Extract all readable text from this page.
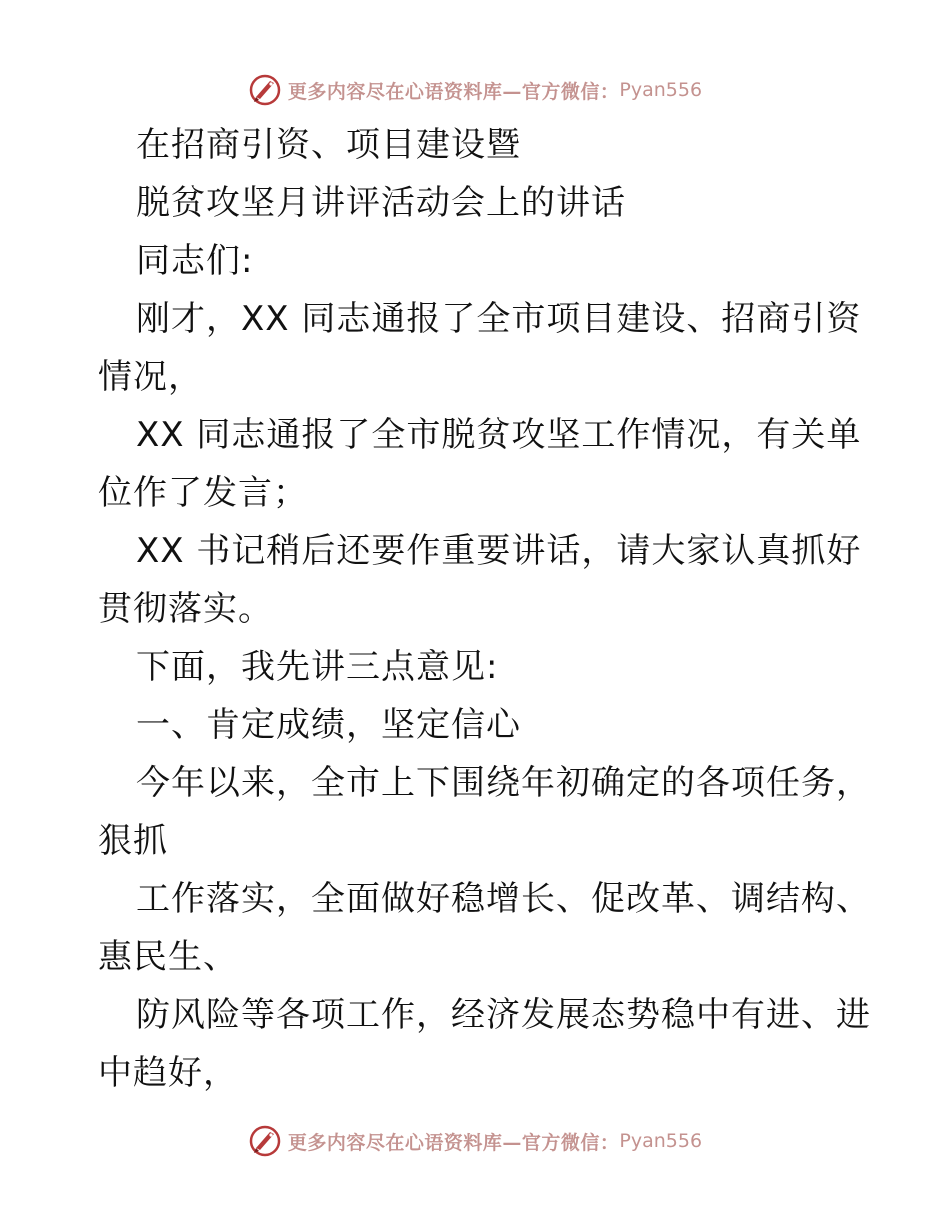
更多内容尽在心语资料库—官方微信： Pyan556
在招商引资、项目建设暨
脱贫攻坚月讲评活动会上的讲话
同志们:
刚才，XX 同志通报了全市项目建设、招商引资
情况，
XX 同志通报了全市脱贫攻坚工作情况，有关单
位作了发言；
XX 书记稍后还要作重要讲话，请大家认真抓好
贯彻落实。
下面，我先讲三点意见:
一、肯定成绩，坚定信心
今年以来，全市上下围绕年初确定的各项任务，
狠抓
工作落实，全面做好稳增长、促改革、调结构、
惠民生、
防风险等各项工作，经济发展态势稳中有进、进
中趋好，
更多内容尽在心语资料库—官方微信： Pyan556
